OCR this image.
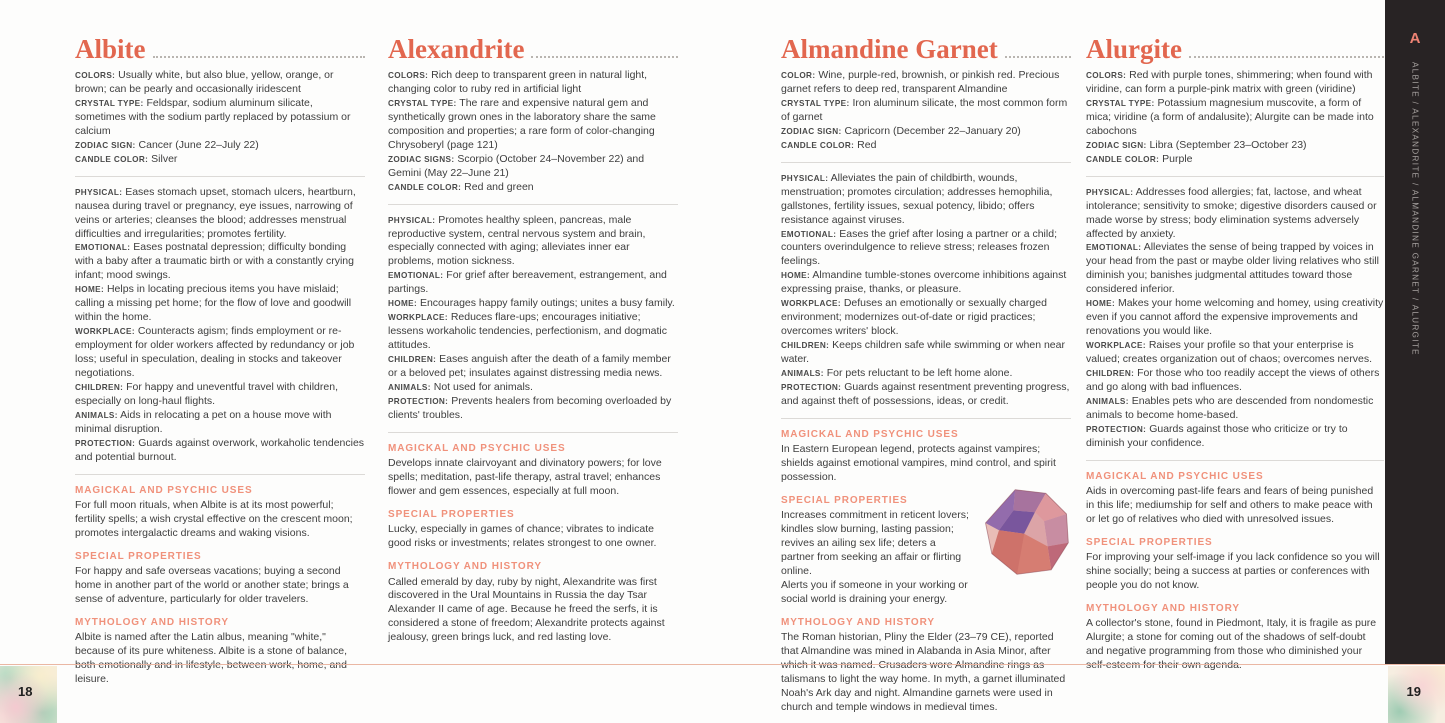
Albite

COLORS: Usually white, but also blue, yellow, orange, or brown; can be pearly and occasionally iridescent

CRYSTAL TYPE: Feldspar, sodium aluminum silicate, sometimes with the sodium partly replaced by potassium or calcium

ZODIAC SIGN: Cancer (June 22–July 22)

CANDLE COLOR: Silver

PHYSICAL: Eases stomach upset, stomach ulcers, heartburn, nausea during travel or pregnancy, eye issues, narrowing of veins or arteries; cleanses the blood; addresses menstrual difficulties and irregularities; promotes fertility.

EMOTIONAL: Eases postnatal depression; difficulty bonding with a baby after a traumatic birth or with a constantly crying infant; mood swings.

HOME: Helps in locating precious items you have mislaid; calling a missing pet home; for the flow of love and goodwill within the home.

WORKPLACE: Counteracts agism; finds employment or re-employment for older workers affected by redundancy or job loss; useful in speculation, dealing in stocks and takeover negotiations.

CHILDREN: For happy and uneventful travel with children, especially on long-haul flights.

ANIMALS: Aids in relocating a pet on a house move with minimal disruption.

PROTECTION: Guards against overwork, workaholic tendencies and potential burnout.

MAGICKAL AND PSYCHIC USES

For full moon rituals, when Albite is at its most powerful; fertility spells; a wish crystal effective on the crescent moon; promotes intergalactic dreams and waking visions.

SPECIAL PROPERTIES

For happy and safe overseas vacations; buying a second home in another part of the world or another state; brings a sense of adventure, particularly for older travelers.

MYTHOLOGY AND HISTORY

Albite is named after the Latin albus, meaning "white," because of its pure whiteness. Albite is a stone of balance, both emotionally and in lifestyle, between work, home, and leisure.

Alexandrite

COLORS: Rich deep to transparent green in natural light, changing color to ruby red in artificial light

CRYSTAL TYPE: The rare and expensive natural gem and synthetically grown ones in the laboratory share the same composition and properties; a rare form of color-changing Chrysoberyl (page 121)

ZODIAC SIGNS: Scorpio (October 24–November 22) and Gemini (May 22–June 21)

CANDLE COLOR: Red and green

PHYSICAL: Promotes healthy spleen, pancreas, male reproductive system, central nervous system and brain, especially connected with aging; alleviates inner ear problems, motion sickness.

EMOTIONAL: For grief after bereavement, estrangement, and partings.

HOME: Encourages happy family outings; unites a busy family.

WORKPLACE: Reduces flare-ups; encourages initiative; lessens workaholic tendencies, perfectionism, and dogmatic attitudes.

CHILDREN: Eases anguish after the death of a family member or a beloved pet; insulates against distressing media news.

ANIMALS: Not used for animals.

PROTECTION: Prevents healers from becoming overloaded by clients' troubles.

MAGICKAL AND PSYCHIC USES

Develops innate clairvoyant and divinatory powers; for love spells; meditation, past-life therapy, astral travel; enhances flower and gem essences, especially at full moon.

SPECIAL PROPERTIES

Lucky, especially in games of chance; vibrates to indicate good risks or investments; relates strongest to one owner.

MYTHOLOGY AND HISTORY

Called emerald by day, ruby by night, Alexandrite was first discovered in the Ural Mountains in Russia the day Tsar Alexander II came of age. Because he freed the serfs, it is considered a stone of freedom; Alexandrite protects against jealousy, green brings luck, and red lasting love.

Almandine Garnet

COLOR: Wine, purple-red, brownish, or pinkish red. Precious garnet refers to deep red, transparent Almandine

CRYSTAL TYPE: Iron aluminum silicate, the most common form of garnet

ZODIAC SIGN: Capricorn (December 22–January 20)

CANDLE COLOR: Red

PHYSICAL: Alleviates the pain of childbirth, wounds, menstruation; promotes circulation; addresses hemophilia, gallstones, fertility issues, sexual potency, libido; offers resistance against viruses.

EMOTIONAL: Eases the grief after losing a partner or a child; counters overindulgence to relieve stress; releases frozen feelings.

HOME: Almandine tumble-stones overcome inhibitions against expressing praise, thanks, or pleasure.

WORKPLACE: Defuses an emotionally or sexually charged environment; modernizes out-of-date or rigid practices; overcomes writers' block.

CHILDREN: Keeps children safe while swimming or when near water.

ANIMALS: For pets reluctant to be left home alone.

PROTECTION: Guards against resentment preventing progress, and against theft of possessions, ideas, or credit.

MAGICKAL AND PSYCHIC USES

In Eastern European legend, protects against vampires; shields against emotional vampires, mind control, and spirit possession.

SPECIAL PROPERTIES

Increases commitment in reticent lovers; kindles slow burning, lasting passion; revives an ailing sex life; deters a partner from seeking an affair or flirting online.

Alerts you if someone in your working or social world is draining your energy.

MYTHOLOGY AND HISTORY

The Roman historian, Pliny the Elder (23–79 CE), reported that Almandine was mined in Alabanda in Asia Minor, after which it was named. Crusaders wore Almandine rings as talismans to light the way home. In myth, a garnet illuminated Noah's Ark day and night. Almandine garnets were used in church and temple windows in medieval times.

Alurgite

COLORS: Red with purple tones, shimmering; when found with viridine, can form a purple-pink matrix with green (viridine)

CRYSTAL TYPE: Potassium magnesium muscovite, a form of mica; viridine (a form of andalusite); Alurgite can be made into cabochons

ZODIAC SIGN: Libra (September 23–October 23)

CANDLE COLOR: Purple

PHYSICAL: Addresses food allergies; fat, lactose, and wheat intolerance; sensitivity to smoke; digestive disorders caused or made worse by stress; body elimination systems adversely affected by anxiety.

EMOTIONAL: Alleviates the sense of being trapped by voices in your head from the past or maybe older living relatives who still diminish you; banishes judgmental attitudes toward those considered inferior.

HOME: Makes your home welcoming and homey, using creativity even if you cannot afford the expensive improvements and renovations you would like.

WORKPLACE: Raises your profile so that your enterprise is valued; creates organization out of chaos; overcomes nerves.

CHILDREN: For those who too readily accept the views of others and go along with bad influences.

ANIMALS: Enables pets who are descended from nondomestic animals to become home-based.

PROTECTION: Guards against those who criticize or try to diminish your confidence.

MAGICKAL AND PSYCHIC USES

Aids in overcoming past-life fears and fears of being punished in this life; mediumship for self and others to make peace with or let go of relatives who died with unresolved issues.

SPECIAL PROPERTIES

For improving your self-image if you lack confidence so you will shine socially; being a success at parties or conferences with people you do not know.

MYTHOLOGY AND HISTORY

A collector's stone, found in Piedmont, Italy, it is fragile as pure Alurgite; a stone for coming out of the shadows of self-doubt and negative programming from those who diminished your self-esteem for their own agenda.

A
ALBITE / ALEXANDRITE / ALMANDINE GARNET / ALURGITE
18	19
